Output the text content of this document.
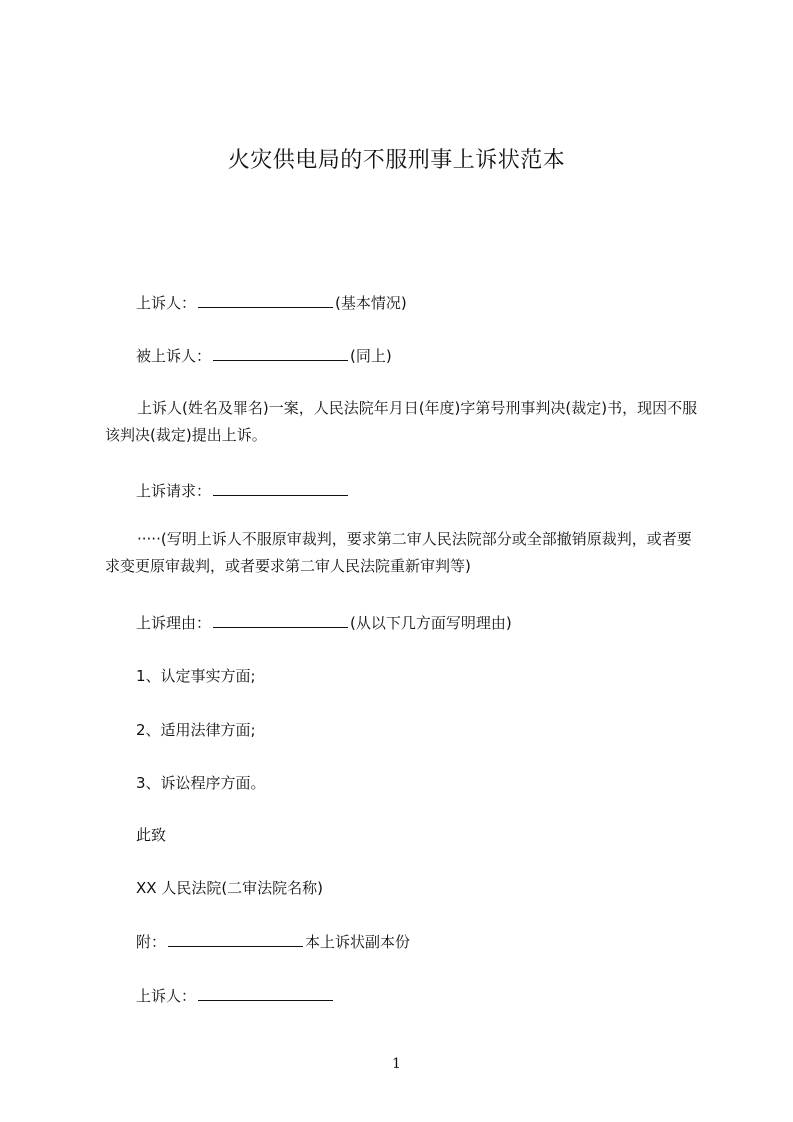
火灾供电局的不服刑事上诉状范本
上诉人：	(基本情况)
被上诉人：	(同上)
上诉人(姓名及罪名)一案，人民法院年月日(年度)字第号刑事判决(裁定)书，现因不服该判决(裁定)提出上诉。
上诉请求：
·····(写明上诉人不服原审裁判，要求第二审人民法院部分或全部撤销原裁判，或者要求变更原审裁判，或者要求第二审人民法院重新审判等)
上诉理由：	(从以下几方面写明理由)
1、认定事实方面;
2、适用法律方面;
3、诉讼程序方面。
此致
XX 人民法院(二审法院名称)
附：	本上诉状副本份
上诉人：
1
